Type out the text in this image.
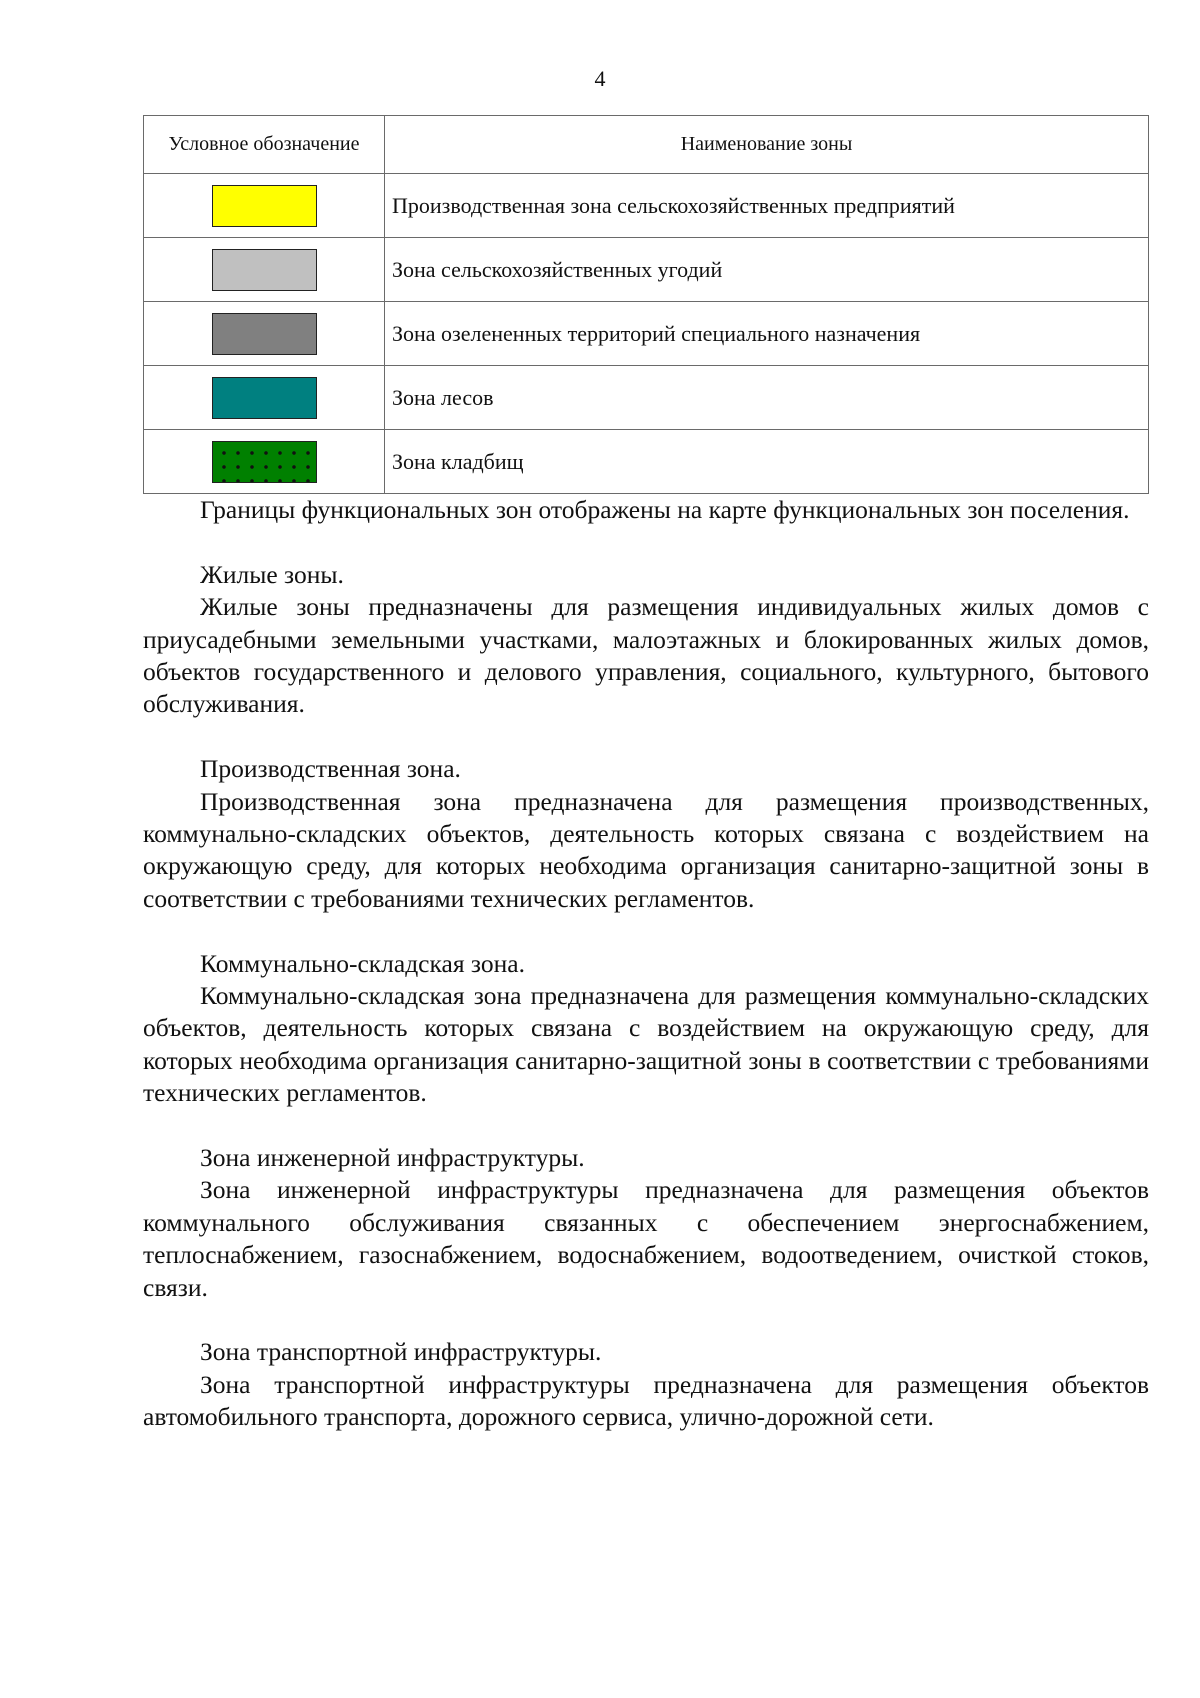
4
Условное обозначение	Наименование зоны
	Производственная зона сельскохозяйственных предприятий
	Зона сельскохозяйственных угодий
	Зона озелененных территорий специального назначения
	Зона лесов
	Зона кладбищ

Границы функциональных зон отображены на карте функциональных зон поселения.

Жилые зоны.

Жилые зоны предназначены для размещения индивидуальных жилых домов с приусадебными земельными участками, малоэтажных и блокированных жилых домов, объектов государственного и делового управления, социального, культурного, бытового обслуживания.

Производственная зона.

Производственная зона предназначена для размещения производственных, коммунально-складских объектов, деятельность которых связана с воздействием на окружающую среду, для которых необходима организация санитарно-защитной зоны в соответствии с требованиями технических регламентов.

Коммунально-складская зона.

Коммунально-складская зона предназначена для размещения коммунально-складских объектов, деятельность которых связана с воздействием на окружающую среду, для которых необходима организация санитарно-защитной зоны в соответствии с требованиями технических регламентов.

Зона инженерной инфраструктуры.

Зона инженерной инфраструктуры предназначена для размещения объектов коммунального обслуживания связанных с обеспечением энергоснабжением, теплоснабжением, газоснабжением, водоснабжением, водоотведением, очисткой стоков, связи.

Зона транспортной инфраструктуры.

Зона транспортной инфраструктуры предназначена для размещения объектов автомобильного транспорта, дорожного сервиса, улично-дорожной сети.
